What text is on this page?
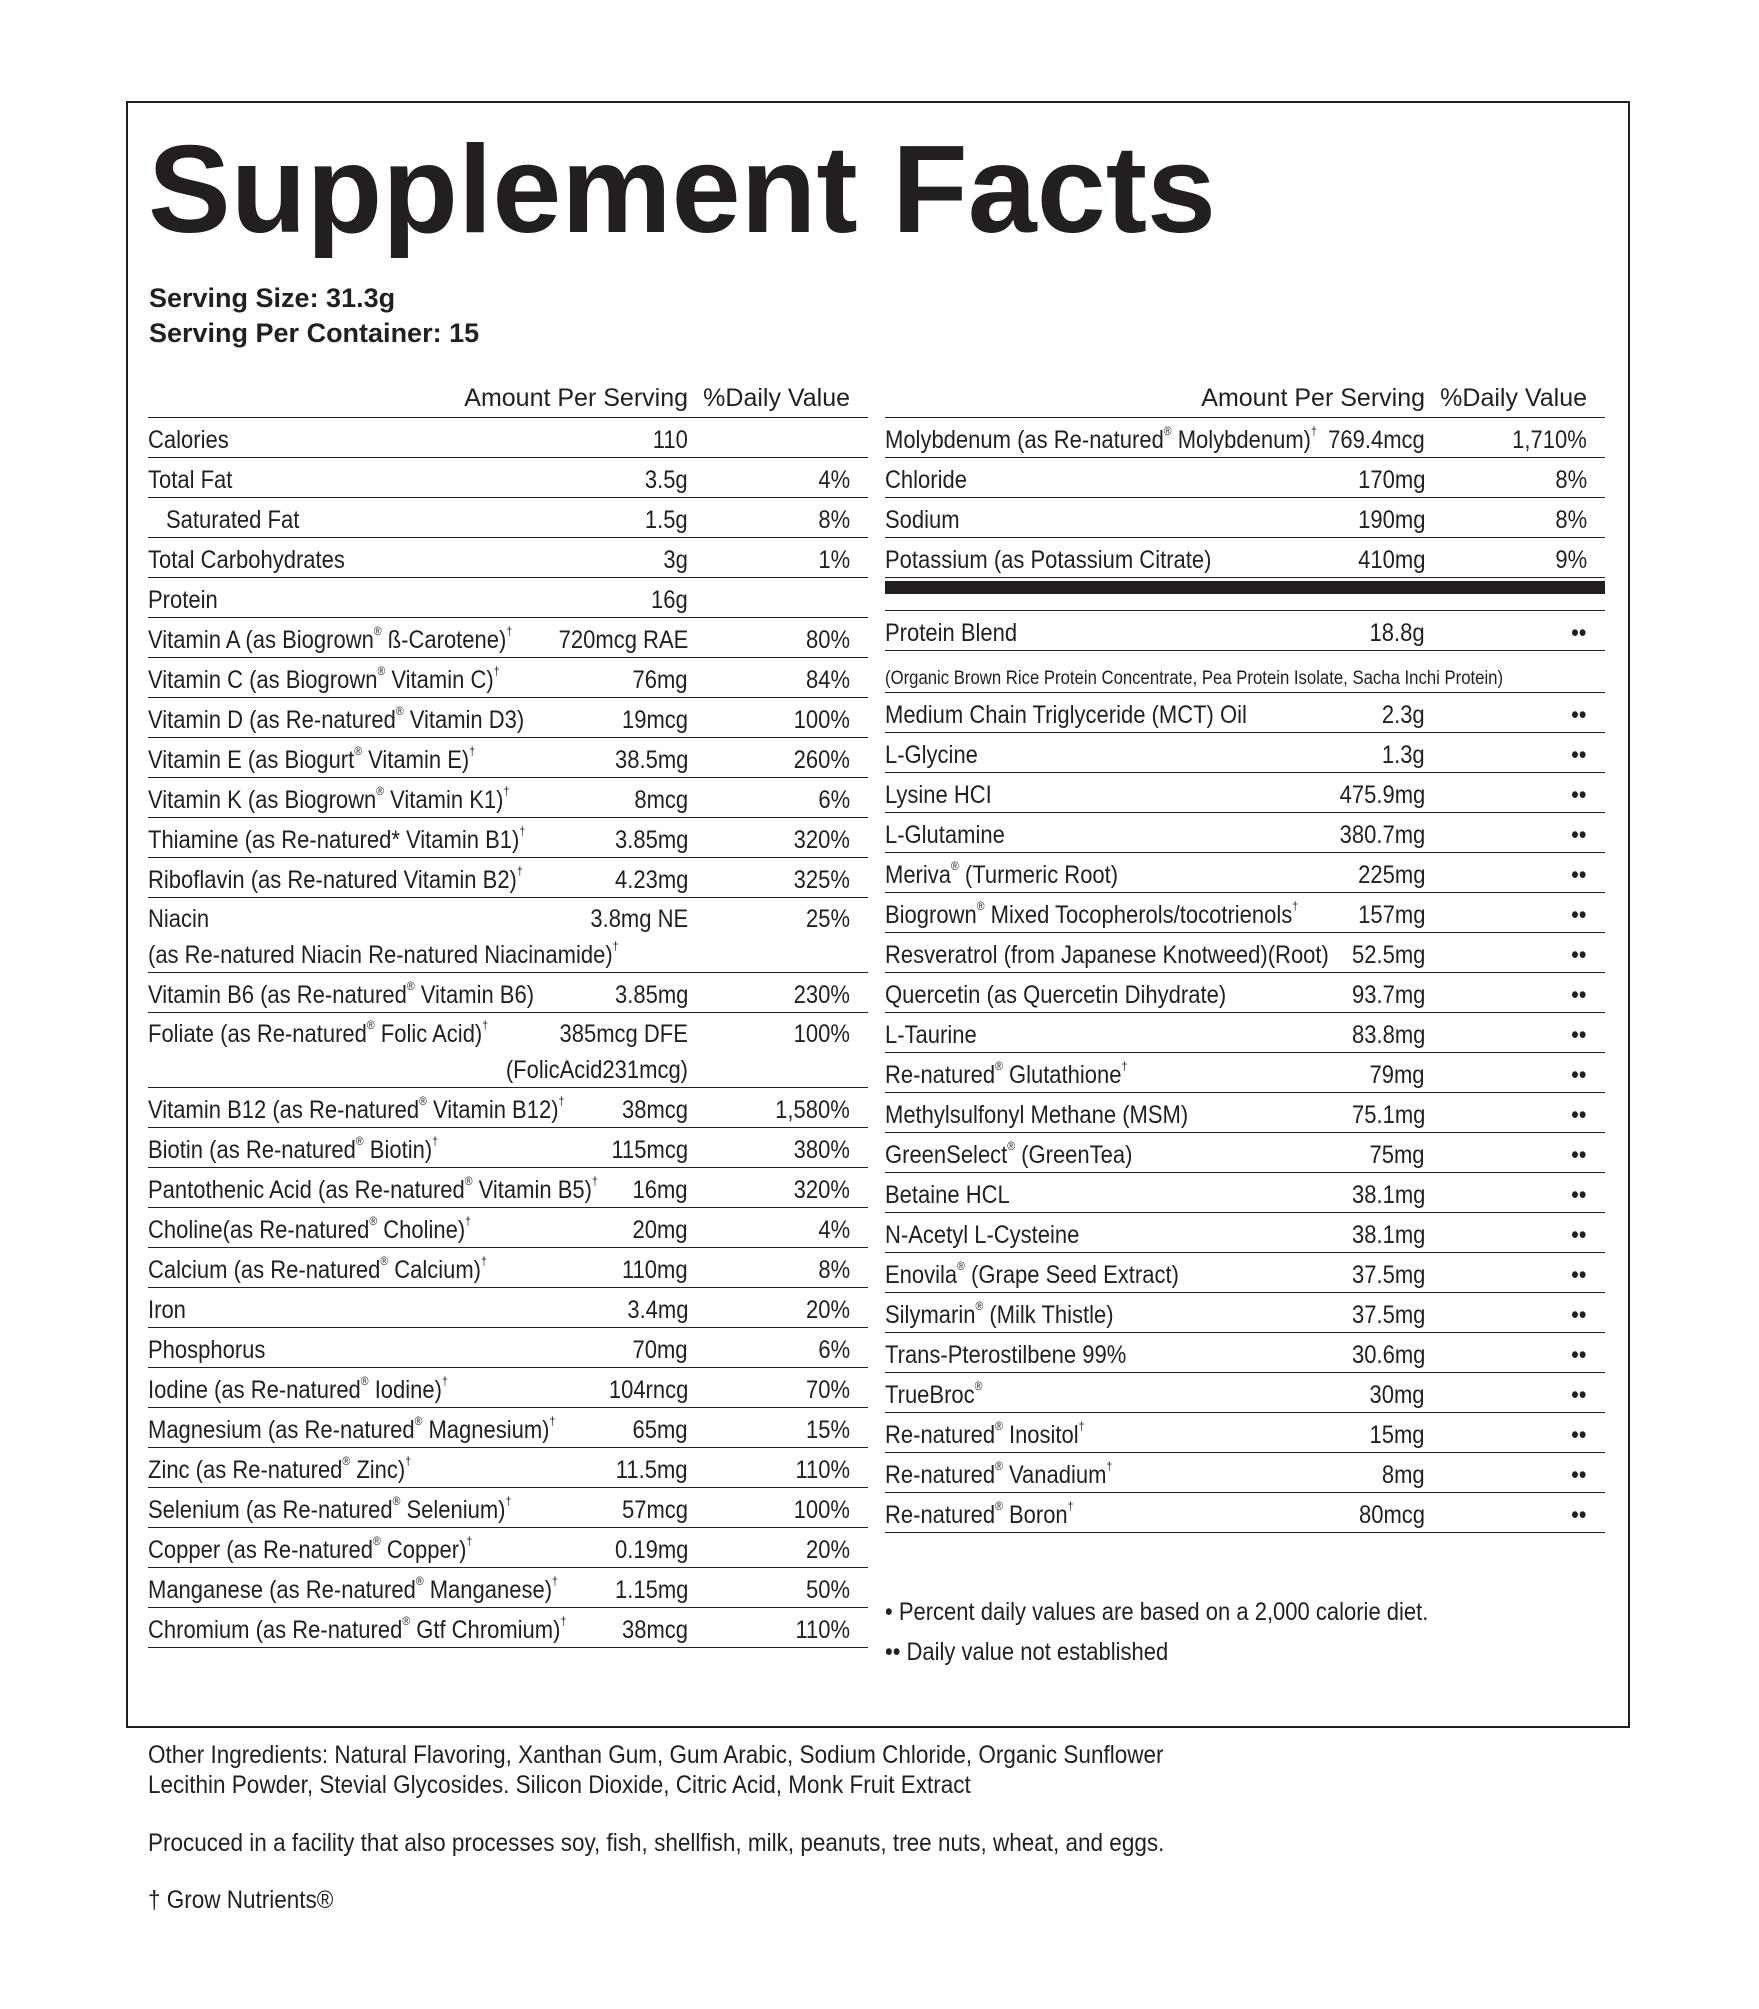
Supplement Facts
Serving Size: 31.3g
Serving Per Container: 15
Amount Per Serving %Daily Value
Calories	110
Total Fat	3.5g	4%
Saturated Fat	1.5g	8%
Total Carbohydrates	3g	1%
Protein	16g
Vitamin A (as Biogrown® ß-Carotene)† 720mcg RAE	80%
Vitamin C (as Biogrown® Vitamin C)†	76mg	84%
Vitamin D (as Re-natured® Vitamin D3)	19mcg	100%
Vitamin E (as Biogurt® Vitamin E)†	38.5mg	260%
Vitamin K (as Biogrown® Vitamin K1)†	8mcg	6%
Thiamine (as Re-natured* Vitamin B1)†	3.85mg	320%
Riboflavin (as Re-natured Vitamin B2)†	4.23mg	325%
Niacin	3.8mg NE	25%
(as Re-natured Niacin Re-natured Niacinamide)†
Vitamin B6 (as Re-natured® Vitamin B6)	3.85mg	230%
Foliate (as Re-natured® Folic Acid)†	385mcg DFE	100%
(FolicAcid231mcg)
Vitamin B12 (as Re-natured® Vitamin B12)† 38mcg	1,580%
Biotin (as Re-natured® Biotin)†	115mcg	380%
Pantothenic Acid (as Re-natured® Vitamin B5)† 16mg	320%
Choline(as Re-natured® Choline)†	20mg	4%
Calcium (as Re-natured® Calcium)†	110mg	8%
Iron	3.4mg	20%
Phosphorus	70mg	6%
Iodine (as Re-natured® Iodine)†	104rncg	70%
Magnesium (as Re-natured® Magnesium)†	65mg	15%
Zinc (as Re-natured® Zinc)†	11.5mg	110%
Selenium (as Re-natured® Selenium)†	57mcg	100%
Copper (as Re-natured® Copper)†	0.19mg	20%
Manganese (as Re-natured® Manganese)† 1.15mg	50%
Chromium (as Re-natured® Gtf Chromium)† 38mcg	110%
Amount Per Serving %Daily Value
Molybdenum (as Re-natured® Molybdenum)† 769.4mcg	1,710%
Chloride	170mg	8%
Sodium	190mg	8%
Potassium (as Potassium Citrate)	410mg	9%
Protein Blend	18.8g	••
(Organic Brown Rice Protein Concentrate, Pea Protein Isolate, Sacha Inchi Protein)
Medium Chain Triglyceride (MCT) Oil	2.3g	••
L-Glycine	1.3g	••
Lysine HCI	475.9mg	••
L-Glutamine	380.7mg	••
Meriva® (Turmeric Root)	225mg	••
Biogrown® Mixed Tocopherols/tocotrienols† 157mg	••
Resveratrol (from Japanese Knotweed)(Root) 52.5mg	••
Quercetin (as Quercetin Dihydrate)	93.7mg	••
L-Taurine	83.8mg	••
Re-natured® Glutathione†	79mg	••
Methylsulfonyl Methane (MSM)	75.1mg	••
GreenSelect® (GreenTea)	75mg	••
Betaine HCL	38.1mg	••
N-Acetyl L-Cysteine	38.1mg	••
Enovila® (Grape Seed Extract)	37.5mg	••
Silymarin® (Milk Thistle)	37.5mg	••
Trans-Pterostilbene 99%	30.6mg	••
TrueBroc®	30mg	••
Re-natured® Inositol†	15mg	••
Re-natured® Vanadium†	8mg	••
Re-natured® Boron†	80mcg	••
• Percent daily values are based on a 2,000 calorie diet.
•• Daily value not established
Other Ingredients: Natural Flavoring, Xanthan Gum, Gum Arabic, Sodium Chloride, Organic Sunflower
Lecithin Powder, Stevial Glycosides. Silicon Dioxide, Citric Acid, Monk Fruit Extract
Procuced in a facility that also processes soy, fish, shellfish, milk, peanuts, tree nuts, wheat, and eggs.
† Grow Nutrients®
